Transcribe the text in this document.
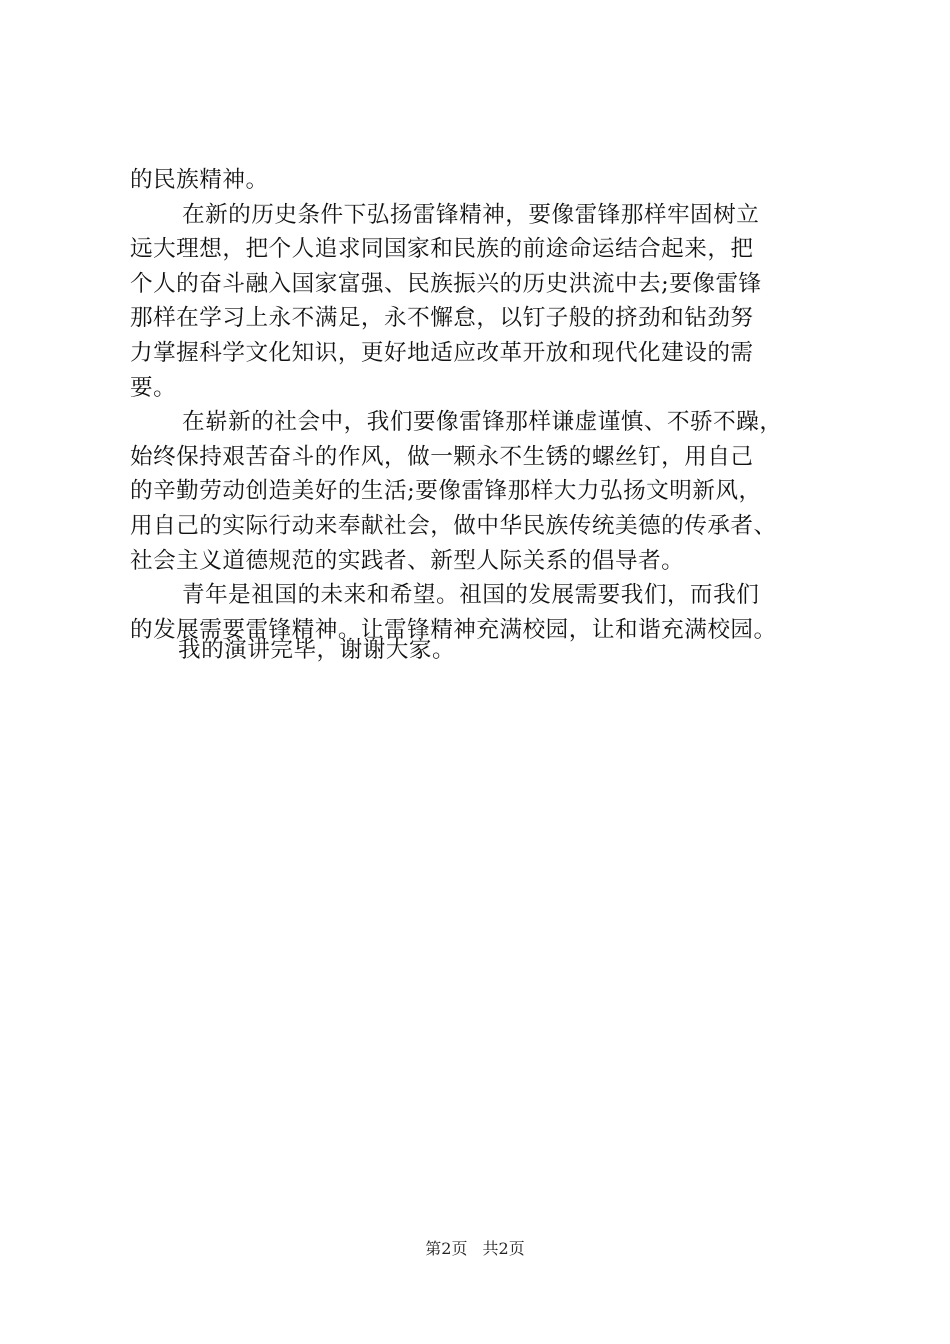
的民族精神。
在新的历史条件下弘扬雷锋精神，要像雷锋那样牢固树立
远大理想，把个人追求同国家和民族的前途命运结合起来，把
个人的奋斗融入国家富强、民族振兴的历史洪流中去;要像雷锋
那样在学习上永不满足，永不懈怠，以钉子般的挤劲和钻劲努
力掌握科学文化知识，更好地适应改革开放和现代化建设的需
要。
在崭新的社会中，我们要像雷锋那样谦虚谨慎、不骄不躁，
始终保持艰苦奋斗的作风，做一颗永不生锈的螺丝钉，用自己
的辛勤劳动创造美好的生活;要像雷锋那样大力弘扬文明新风，
用自己的实际行动来奉献社会，做中华民族传统美德的传承者、
社会主义道德规范的实践者、新型人际关系的倡导者。
青年是祖国的未来和希望。祖国的发展需要我们，而我们
的发展需要雷锋精神。让雷锋精神充满校园，让和谐充满校园。
我的演讲完毕，谢谢大家。
第2页 共2页
